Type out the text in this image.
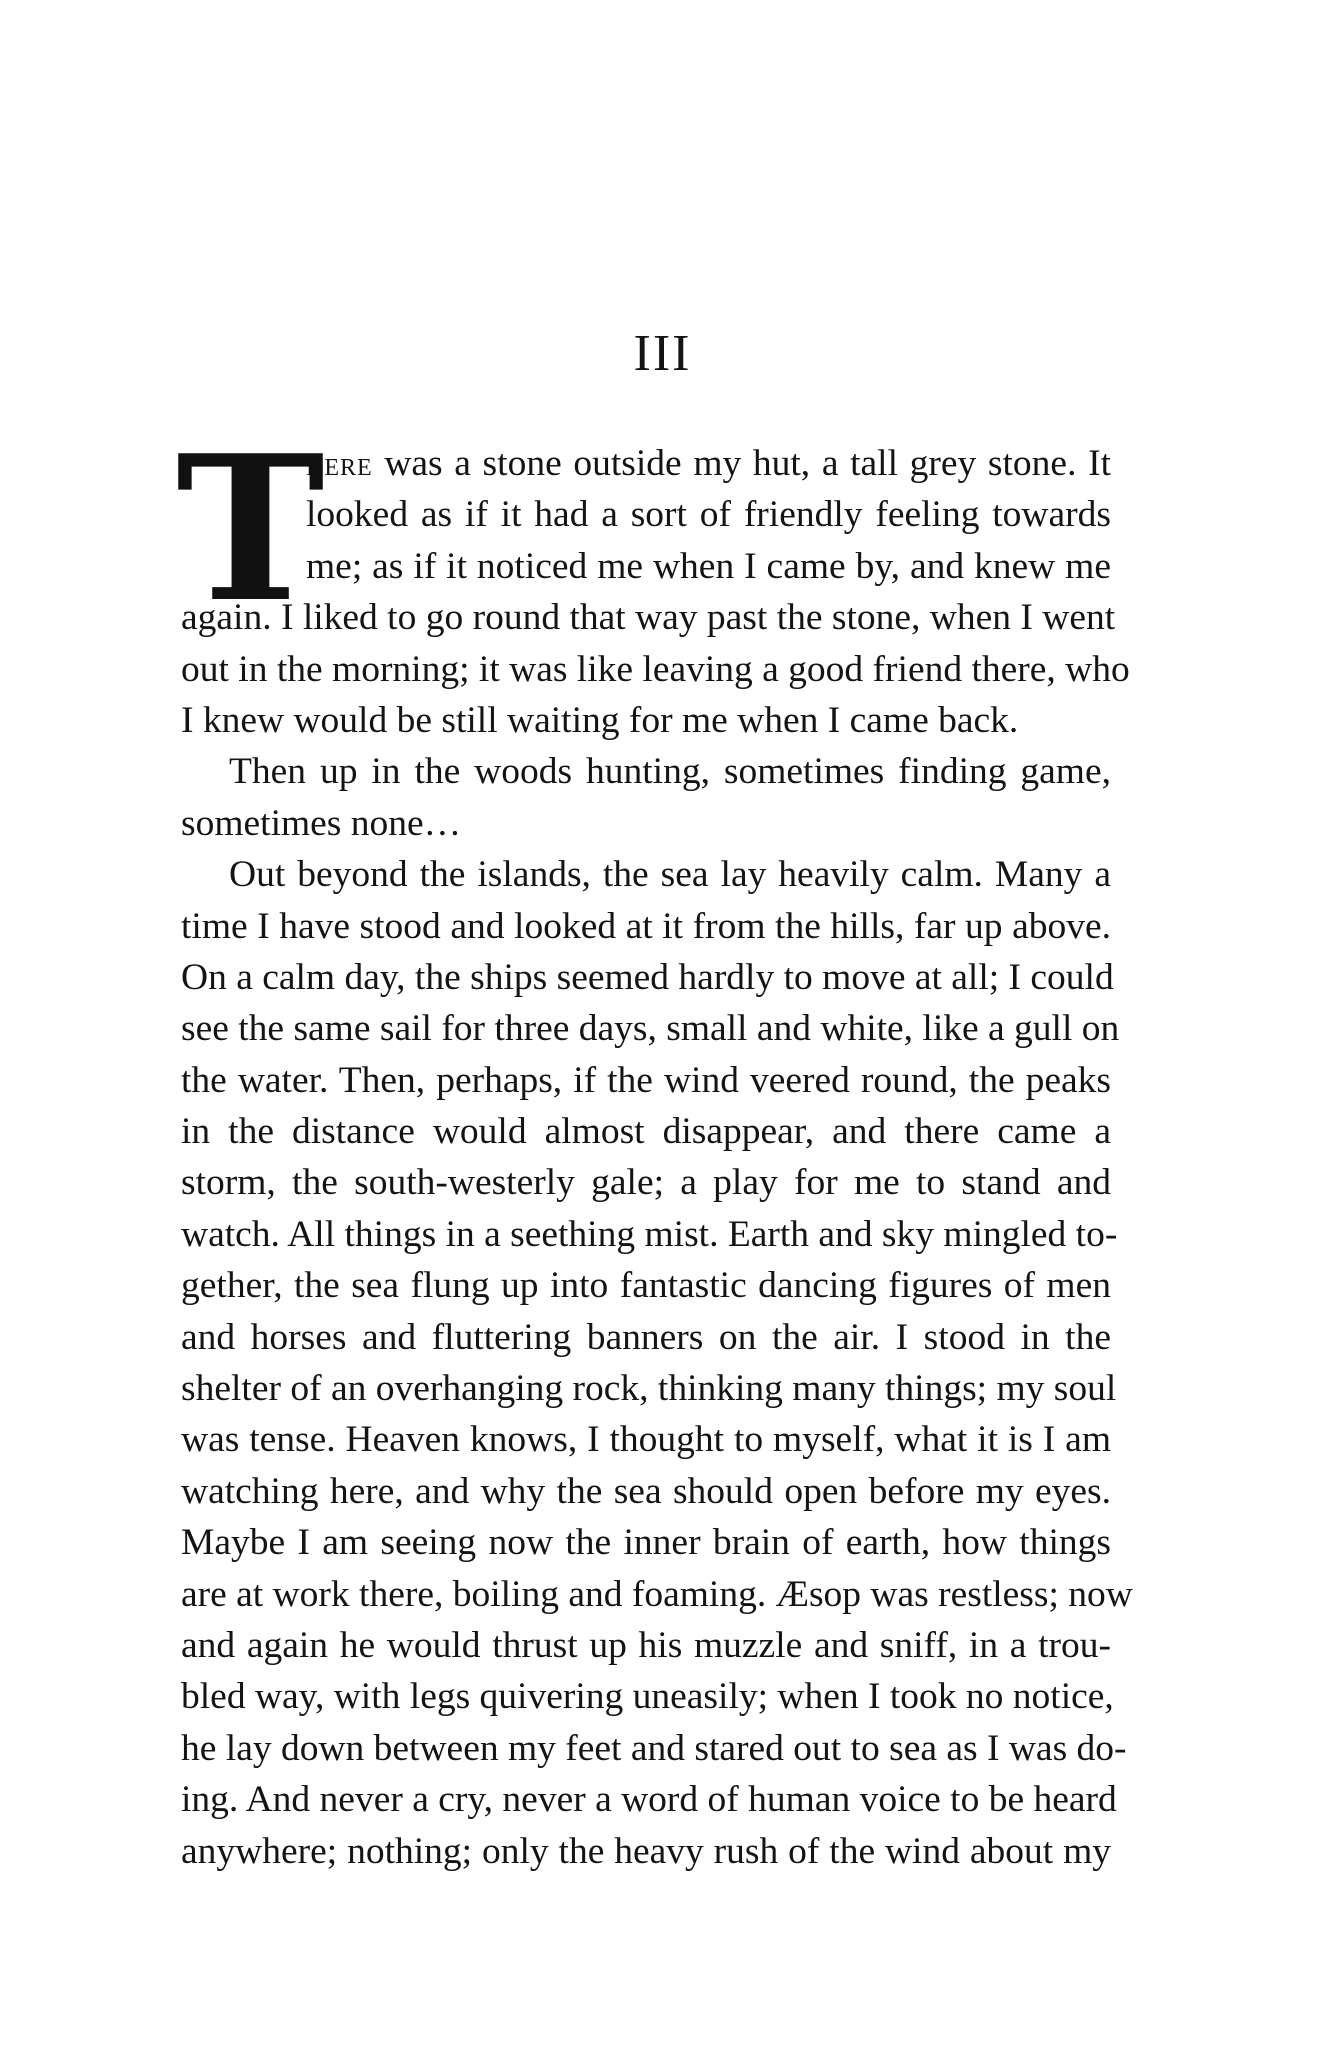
III
T
here was a stone outside my hut, a tall grey stone. It
looked as if it had a sort of friendly feeling towards
me; as if it noticed me when I came by, and knew me
again. I liked to go round that way past the stone, when I went
out in the morning; it was like leaving a good friend there, who
I knew would be still waiting for me when I came back.
Then up in the woods hunting, sometimes finding game,
sometimes none…
Out beyond the islands, the sea lay heavily calm. Many a
time I have stood and looked at it from the hills, far up above.
On a calm day, the ships seemed hardly to move at all; I could
see the same sail for three days, small and white, like a gull on
the water. Then, perhaps, if the wind veered round, the peaks
in the distance would almost disappear, and there came a
storm, the south-westerly gale; a play for me to stand and
watch. All things in a seething mist. Earth and sky mingled to-
gether, the sea flung up into fantastic dancing figures of men
and horses and fluttering banners on the air. I stood in the
shelter of an overhanging rock, thinking many things; my soul
was tense. Heaven knows, I thought to myself, what it is I am
watching here, and why the sea should open before my eyes.
Maybe I am seeing now the inner brain of earth, how things
are at work there, boiling and foaming. Æsop was restless; now
and again he would thrust up his muzzle and sniff, in a trou-
bled way, with legs quivering uneasily; when I took no notice,
he lay down between my feet and stared out to sea as I was do-
ing. And never a cry, never a word of human voice to be heard
anywhere; nothing; only the heavy rush of the wind about my
